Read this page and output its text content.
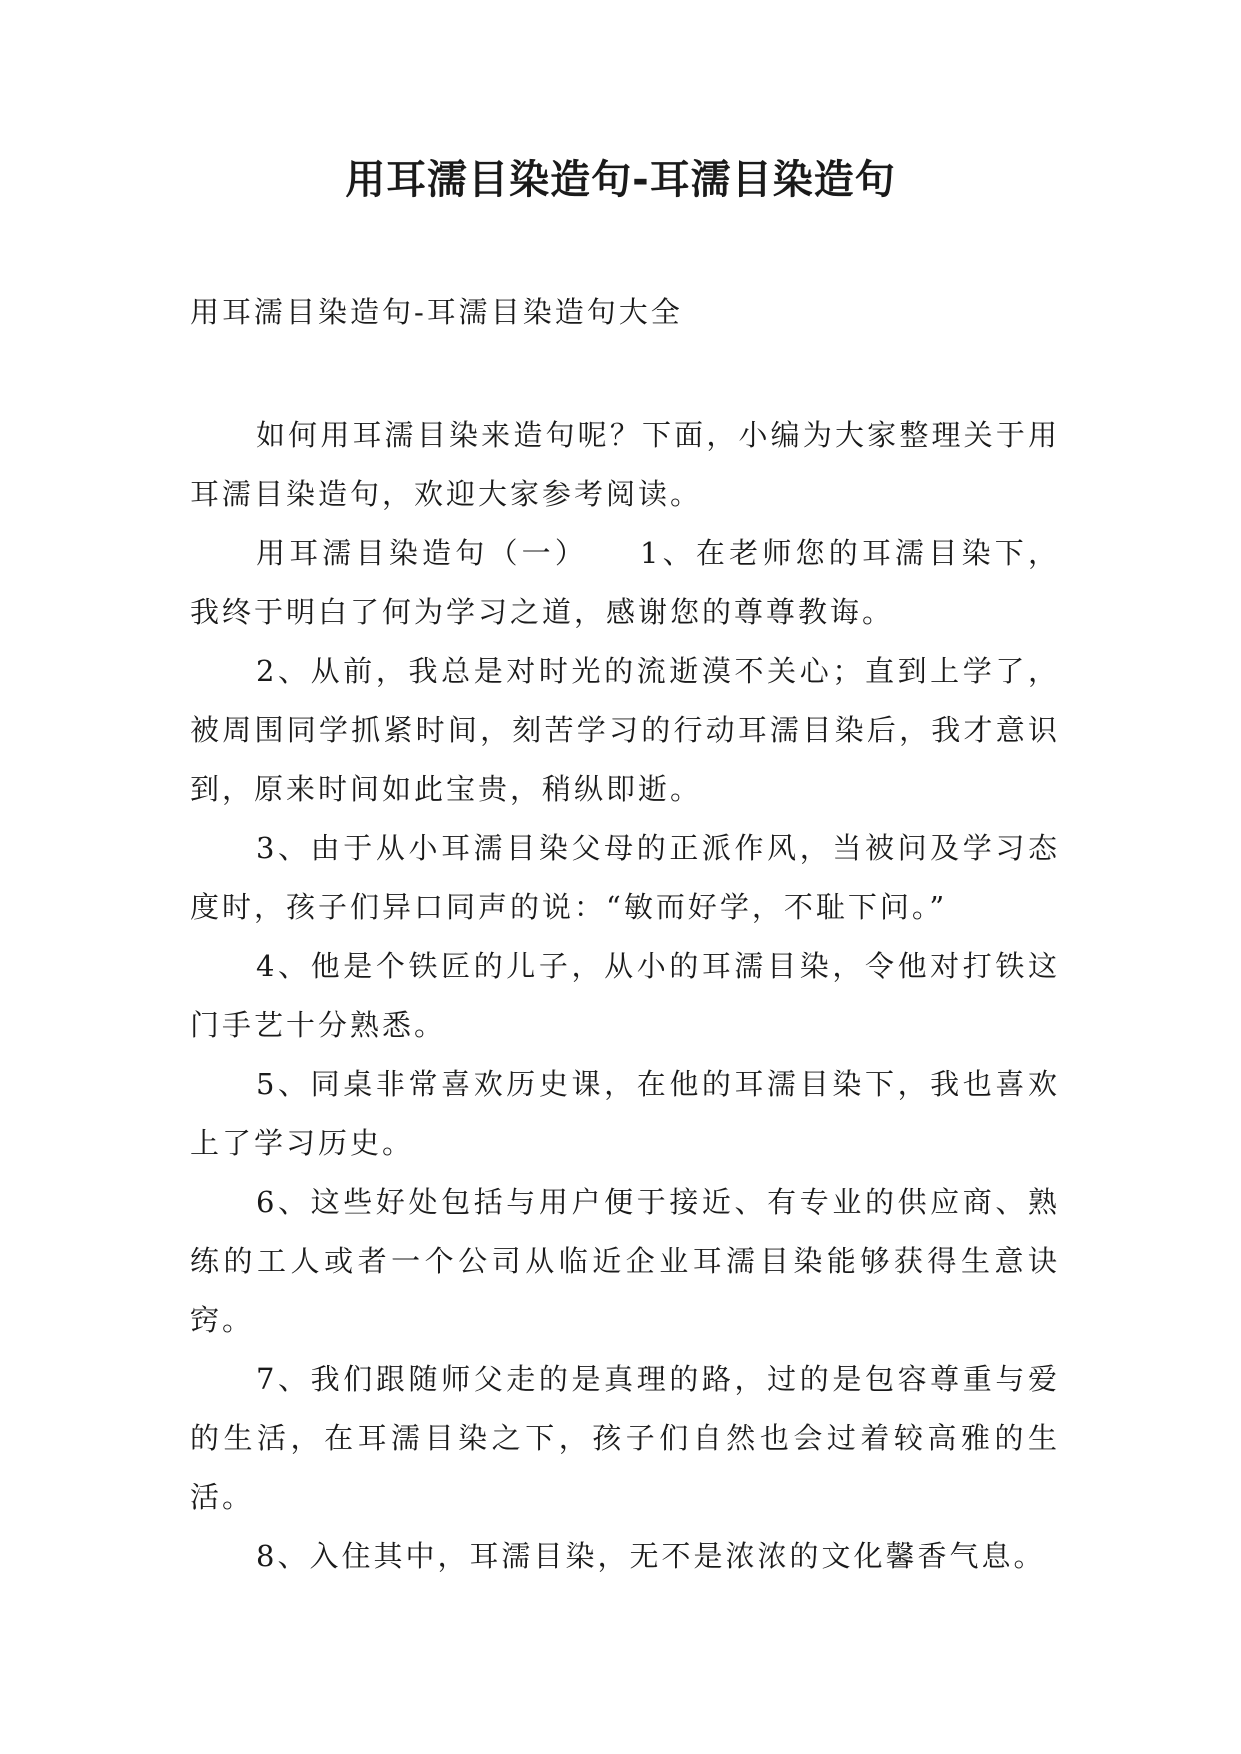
用耳濡目染造句-耳濡目染造句
用耳濡目染造句-耳濡目染造句大全

如何用耳濡目染来造句呢？下面，小编为大家整理关于用耳濡目染造句，欢迎大家参考阅读。

用耳濡目染造句（一）　　1、在老师您的耳濡目染下，我终于明白了何为学习之道，感谢您的尊尊教诲。

2、从前，我总是对时光的流逝漠不关心；直到上学了，被周围同学抓紧时间，刻苦学习的行动耳濡目染后，我才意识到，原来时间如此宝贵，稍纵即逝。

3、由于从小耳濡目染父母的正派作风，当被问及学习态度时，孩子们异口同声的说：“敏而好学，不耻下问。”

4、他是个铁匠的儿子，从小的耳濡目染，令他对打铁这门手艺十分熟悉。

5、同桌非常喜欢历史课，在他的耳濡目染下，我也喜欢上了学习历史。

6、这些好处包括与用户便于接近、有专业的供应商、熟练的工人或者一个公司从临近企业耳濡目染能够获得生意诀窍。

7、我们跟随师父走的是真理的路，过的是包容尊重与爱的生活，在耳濡目染之下，孩子们自然也会过着较高雅的生活。

8、入住其中，耳濡目染，无不是浓浓的文化馨香气息。
